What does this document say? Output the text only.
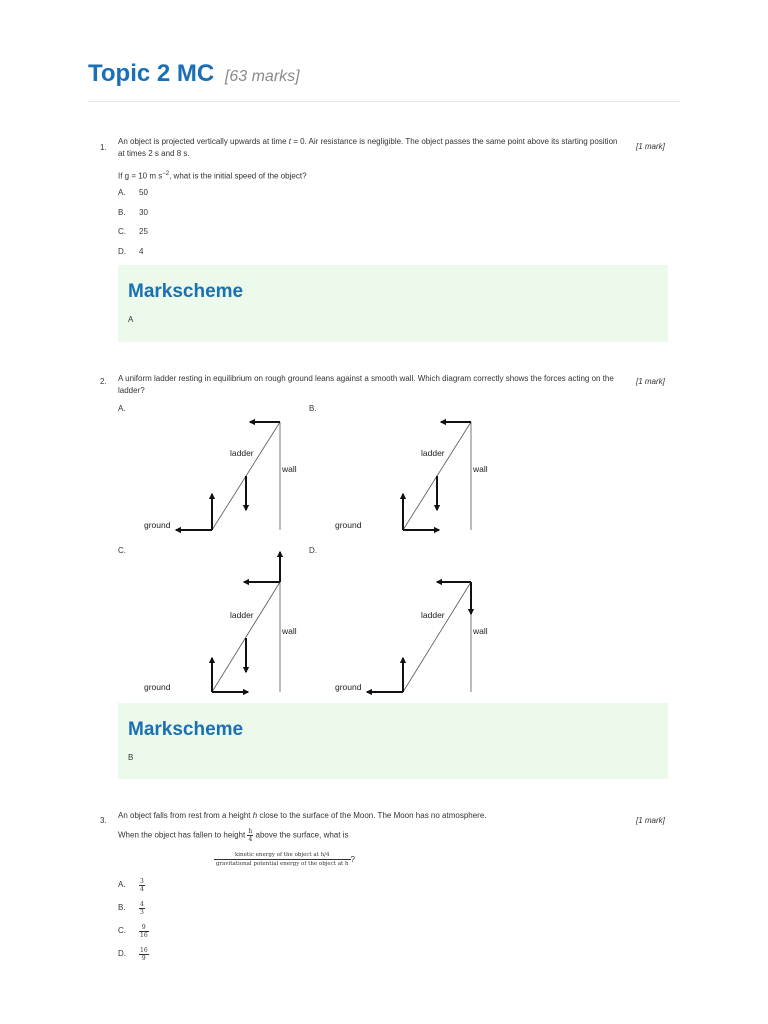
Topic 2 MC [63 marks]
1.
An object is projected vertically upwards at time t = 0. Air resistance is negligible. The object passes the same point above its starting position at times 2 s and 8 s.
[1 mark]
If g = 10 m $s^{-2}$, what is the initial speed of the object?
A. 50
B. 30
C. 25
D. 4
Markscheme
A
2. A uniform ladder resting in equilibrium on rough ground leans against a smooth wall. Which diagram correctly shows the forces acting on the ladder?
[1 mark]
A.	B.
C.	D.
ladder
wall
ground
ladder
wall
ground
ladder
wall
ground
ladder
wall
ground
Markscheme
B
3.
An object falls from rest from a height h close to the surface of the Moon. The Moon has no atmosphere.
[1 mark]
When the object has fallen to height $\frac{h}{4}$ above the surface, what is
$\frac{\text{kinetic energy of the object at h/4}}{\text{gravitational potential energy of the object at h}}$ ?
A. $\frac{3}{4}$
B. $\frac{4}{3}$
C. $\frac{9}{16}$
D. $\frac{16}{9}$
